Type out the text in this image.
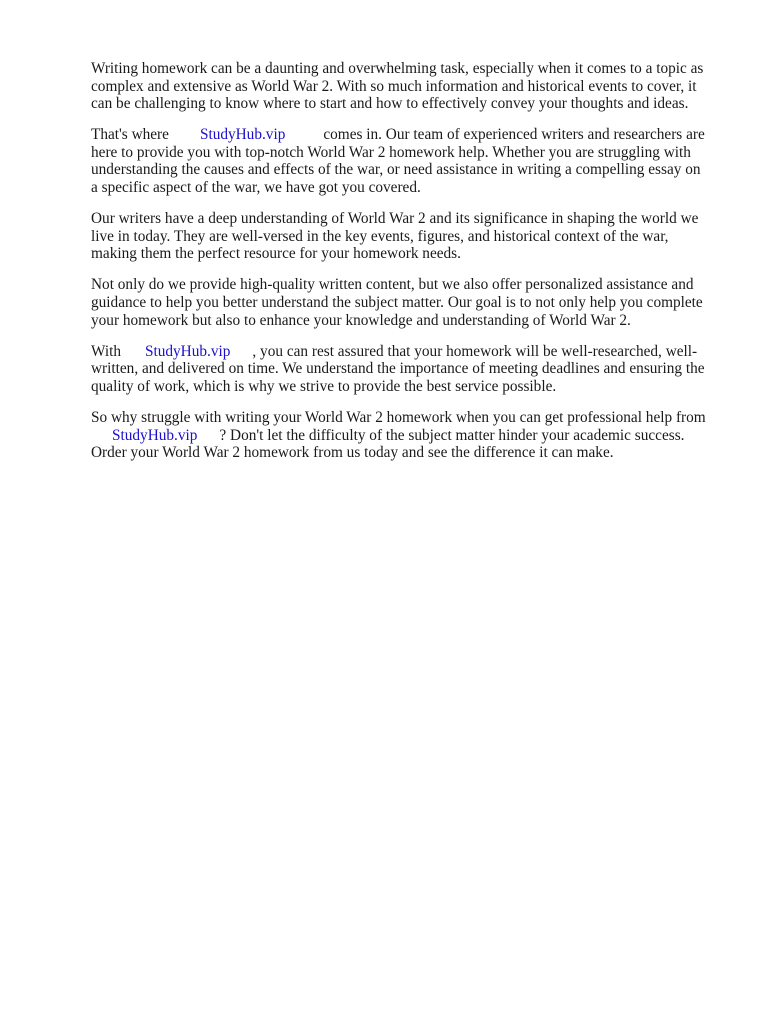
Writing homework can be a daunting and overwhelming task, especially when it comes to a topic as
complex and extensive as World War 2. With so much information and historical events to cover, it
can be challenging to know where to start and how to effectively convey your thoughts and ideas.

That's where StudyHub.vip comes in. Our team of experienced writers and researchers are
here to provide you with top-notch World War 2 homework help. Whether you are struggling with
understanding the causes and effects of the war, or need assistance in writing a compelling essay on
a specific aspect of the war, we have got you covered.

Our writers have a deep understanding of World War 2 and its significance in shaping the world we
live in today. They are well-versed in the key events, figures, and historical context of the war,
making them the perfect resource for your homework needs.

Not only do we provide high-quality written content, but we also offer personalized assistance and
guidance to help you better understand the subject matter. Our goal is to not only help you complete
your homework but also to enhance your knowledge and understanding of World War 2.

With StudyHub.vip , you can rest assured that your homework will be well-researched, well-
written, and delivered on time. We understand the importance of meeting deadlines and ensuring the
quality of work, which is why we strive to provide the best service possible.

So why struggle with writing your World War 2 homework when you can get professional help from
StudyHub.vip ? Don't let the difficulty of the subject matter hinder your academic success.
Order your World War 2 homework from us today and see the difference it can make.
